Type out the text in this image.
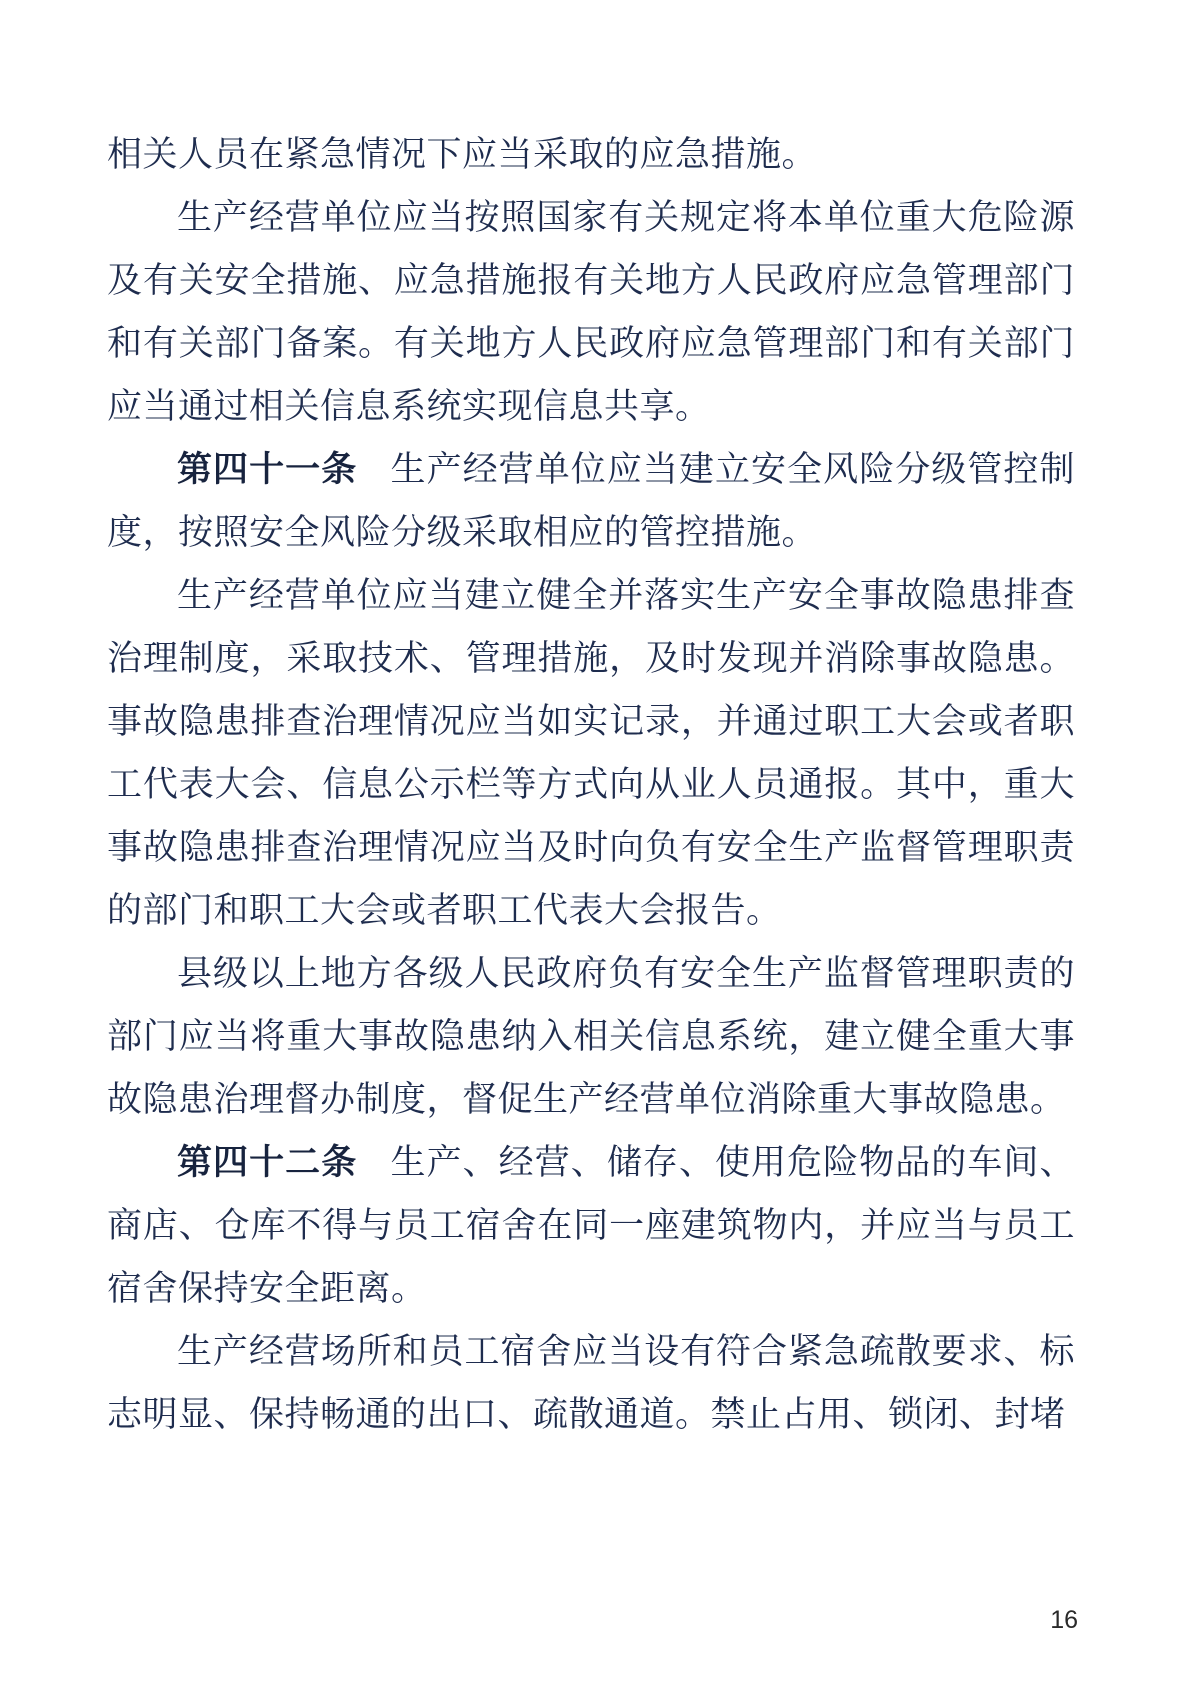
相关人员在紧急情况下应当采取的应急措施。

生产经营单位应当按照国家有关规定将本单位重大危险源及有关安全措施、应急措施报有关地方人民政府应急管理部门和有关部门备案。有关地方人民政府应急管理部门和有关部门应当通过相关信息系统实现信息共享。

第四十一条 生产经营单位应当建立安全风险分级管控制度，按照安全风险分级采取相应的管控措施。

生产经营单位应当建立健全并落实生产安全事故隐患排查治理制度，采取技术、管理措施，及时发现并消除事故隐患。事故隐患排查治理情况应当如实记录，并通过职工大会或者职工代表大会、信息公示栏等方式向从业人员通报。其中，重大事故隐患排查治理情况应当及时向负有安全生产监督管理职责的部门和职工大会或者职工代表大会报告。

县级以上地方各级人民政府负有安全生产监督管理职责的部门应当将重大事故隐患纳入相关信息系统，建立健全重大事故隐患治理督办制度，督促生产经营单位消除重大事故隐患。

第四十二条 生产、经营、储存、使用危险物品的车间、商店、仓库不得与员工宿舍在同一座建筑物内，并应当与员工宿舍保持安全距离。

生产经营场所和员工宿舍应当设有符合紧急疏散要求、标志明显、保持畅通的出口、疏散通道。禁止占用、锁闭、封堵

16
